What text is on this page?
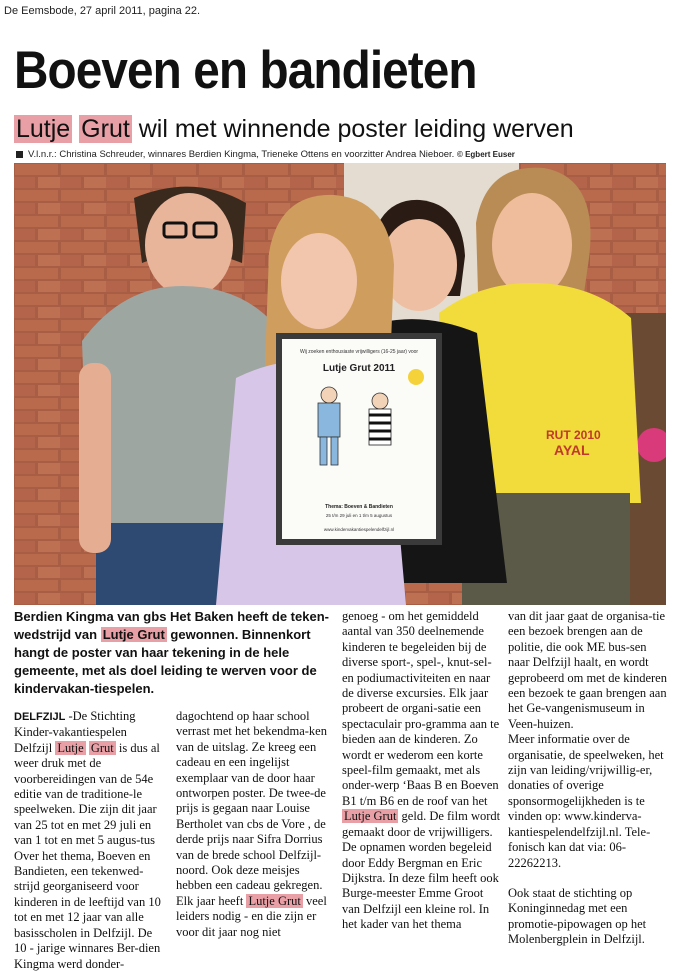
De Eemsbode, 27 april 2011, pagina 22.
Boeven en bandieten
Lutje Grut wil met winnende poster leiding werven
V.l.n.r.: Christina Schreuder, winnares Berdien Kingma, Trieneke Ottens en voorzitter Andrea Nieboer. © Egbert Euser
RUT 2010
AYAL
Wij zoeken enthousiaste vrijwilligers (16-25 jaar) voor
Lutje Grut 2011
Thema: Boeven & Bandieten
25 t/m 29 juli en 1 t/m 5 augustus
www.kindervakantiespelendelfzijl.nl

Berdien Kingma van gbs Het Baken heeft de teken-wedstrijd van Lutje Grut gewonnen. Binnenkort hangt de poster van haar tekening in de hele gemeente, met als doel leiding te werven voor de kindervakan-tiespelen.

DELFZIJL -De Stichting Kinder-vakantiespelen Delfzijl Lutje Grut is dus al weer druk met de voorbereidingen van de 54e editie van de traditione-le speelweken. Die zijn dit jaar van 25 tot en met 29 juli en van 1 tot en met 5 augus-tus Over het thema, Boeven en Bandieten, een tekenwed-strijd georganiseerd voor kinderen in de leeftijd van 10 tot en met 12 jaar van alle basisscholen in Delfzijl. De 10 - jarige winnares Ber-dien Kingma werd donder-
dagochtend op haar school verrast met het bekendma-ken van de uitslag. Ze kreeg een cadeau en een ingelijst exemplaar van de door haar ontworpen poster. De twee-de prijs is gegaan naar Louise Bertholet van cbs de Vore , de derde prijs naar Sifra Dorrius van de brede school Delfzijl-noord. Ook deze meisjes hebben een cadeau gekregen. Elk jaar heeft Lutje Grut veel leiders nodig - en die zijn er voor dit jaar nog niet
genoeg - om het gemiddeld aantal van 350 deelnemende kinderen te begeleiden bij de diverse sport-, spel-, knut-sel- en podiumactiviteiten en naar de diverse excursies. Elk jaar probeert de organi-satie een spectaculair pro-gramma aan te bieden aan de kinderen. Zo wordt er wederom een korte speel-film gemaakt, met als onder-werp ‘Baas B en Boeven B1 t/m B6 en de roof van het Lutje Grut geld. De film wordt gemaakt door de vrijwilligers. De opnamen worden begeleid door Eddy Bergman en Eric Dijkstra. In deze film heeft ook Burge-meester Emme Groot van Delfzijl een kleine rol. In het kader van het thema

van dit jaar gaat de organisa-tie een bezoek brengen aan de politie, die ook ME bus-sen naar Delfzijl haalt, en wordt geprobeerd om met de kinderen een bezoek te gaan brengen aan het Ge-vangenismuseum in Veen-huizen.

Meer informatie over de organisatie, de speelweken, het zijn van leiding/vrijwillig-er, donaties of overige sponsormogelijkheden is te vinden op: www.kinderva-kantiespelendelfzijl.nl. Tele-fonisch kan dat via: 06-22262213.

Ook staat de stichting op Koninginnedag met een promotie-pipowagen op het Molenbergplein in Delfzijl.
